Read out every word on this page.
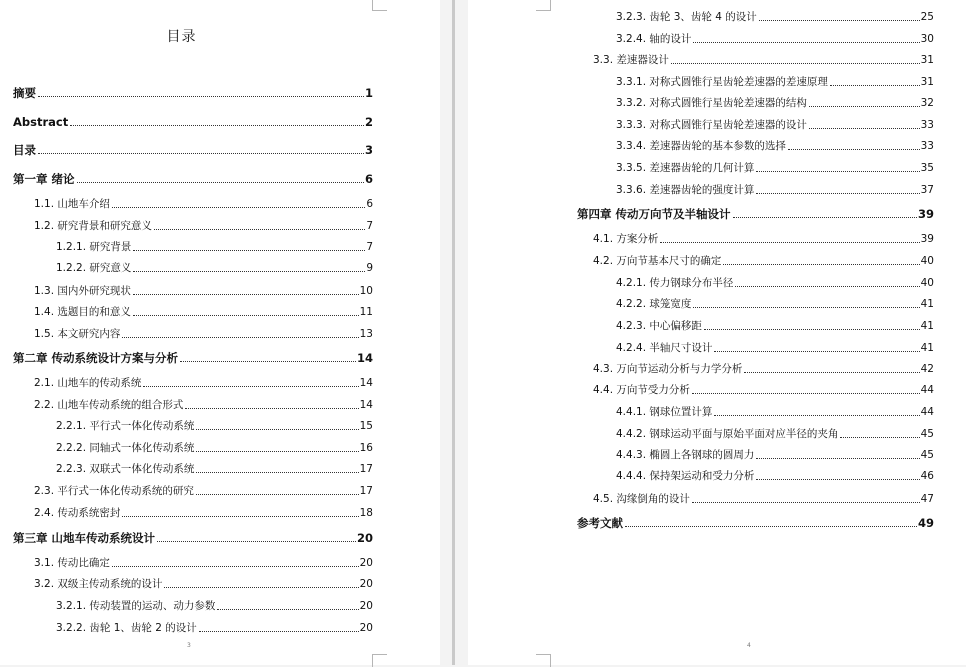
目录
摘要	1
Abstract	2
目录	3
第一章 绪论	6
1.1. 山地车介绍	6
1.2. 研究背景和研究意义	7
1.2.1. 研究背景	7
1.2.2. 研究意义	9
1.3. 国内外研究现状	10
1.4. 选题目的和意义	11
1.5. 本文研究内容	13
第二章 传动系统设计方案与分析	14
2.1. 山地车的传动系统	14
2.2. 山地车传动系统的组合形式	14
2.2.1. 平行式一体化传动系统	15
2.2.2. 同轴式一体化传动系统	16
2.2.3. 双联式一体化传动系统	17
2.3. 平行式一体化传动系统的研究	17
2.4. 传动系统密封	18
第三章 山地车传动系统设计	20
3.1. 传动比确定	20
3.2. 双级主传动系统的设计	20
3.2.1. 传动装置的运动、动力参数	20
3.2.2. 齿轮 1、齿轮 2 的设计	20
3
3.2.3. 齿轮 3、齿轮 4 的设计	25
3.2.4. 轴的设计	30
3.3. 差速器设计	31
3.3.1. 对称式圆锥行星齿轮差速器的差速原理	31
3.3.2. 对称式圆锥行星齿轮差速器的结构	32
3.3.3. 对称式圆锥行星齿轮差速器的设计	33
3.3.4. 差速器齿轮的基本参数的选择	33
3.3.5. 差速器齿轮的几何计算	35
3.3.6. 差速器齿轮的强度计算	37
第四章 传动万向节及半轴设计	39
4.1. 方案分析	39
4.2. 万向节基本尺寸的确定	40
4.2.1. 传力钢球分布半径	40
4.2.2. 球笼宽度	41
4.2.3. 中心偏移距	41
4.2.4. 半轴尺寸设计	41
4.3. 万向节运动分析与力学分析	42
4.4. 万向节受力分析	44
4.4.1. 钢球位置计算	44
4.4.2. 钢球运动平面与原始平面对应半径的夹角	45
4.4.3. 椭圆上各钢球的圆周力	45
4.4.4. 保持架运动和受力分析	46
4.5. 沟缘倒角的设计	47
参考文献	49
4
